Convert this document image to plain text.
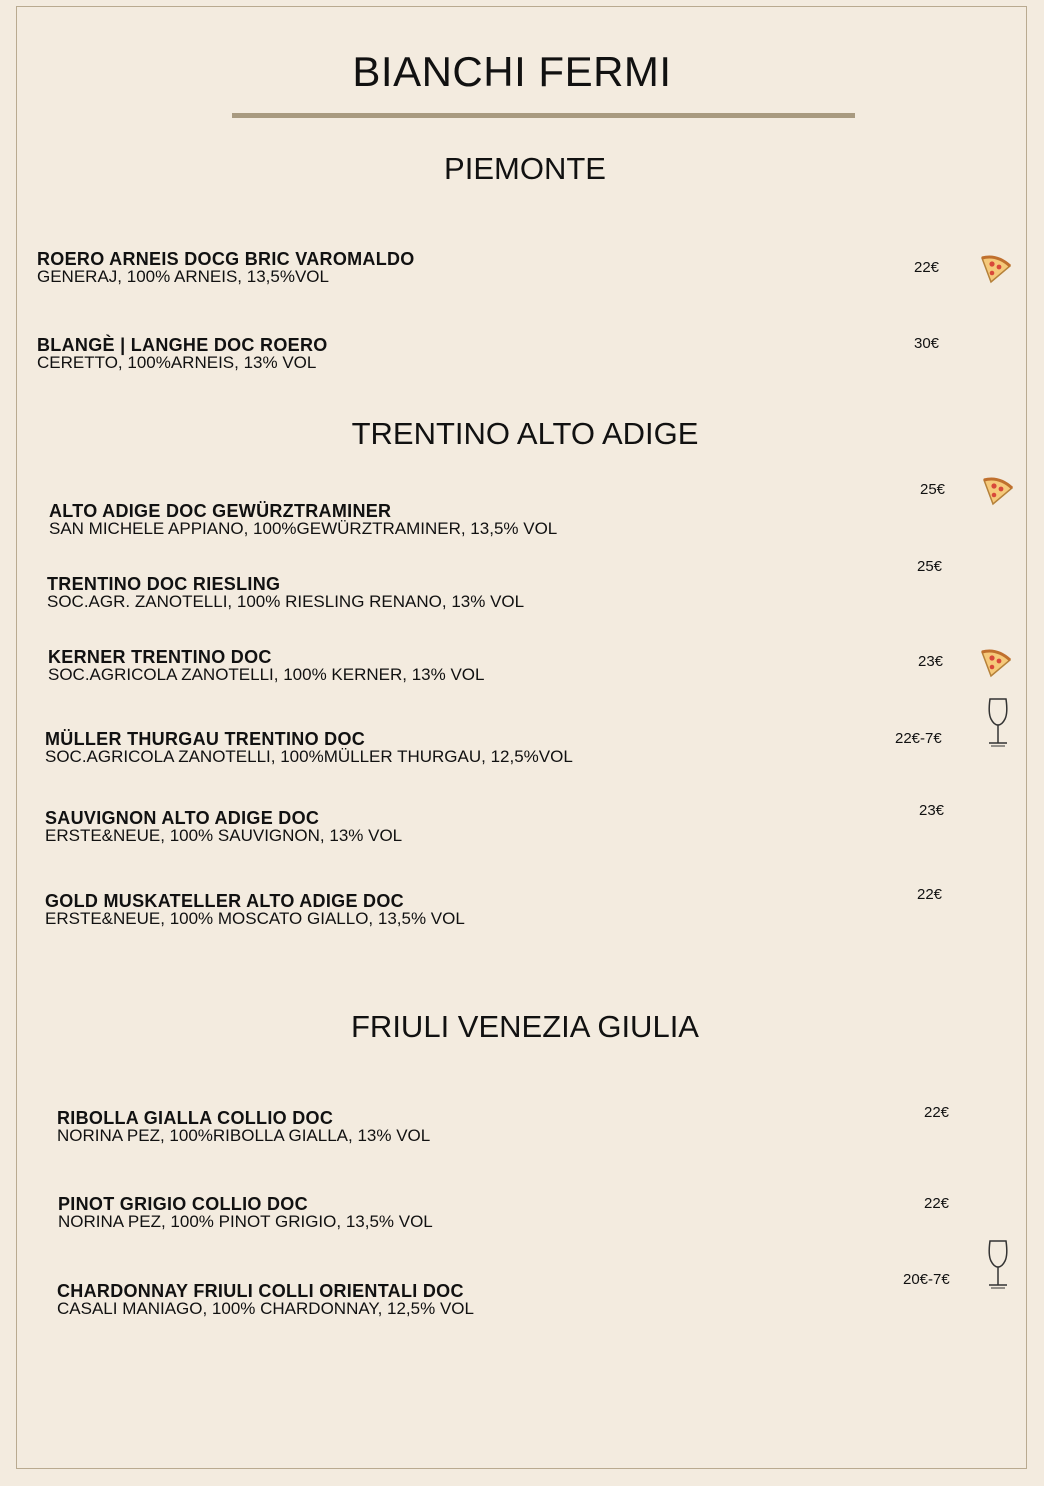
BIANCHI FERMI
PIEMONTE
ROERO ARNEIS DOCG BRIC VAROMALDO
GENERAJ, 100% ARNEIS, 13,5%VOL	22€
BLANGÈ | LANGHE DOC ROERO
CERETTO, 100%ARNEIS, 13% VOL
30€
TRENTINO ALTO ADIGE
ALTO ADIGE DOC GEWÜRZTRAMINER
SAN MICHELE APPIANO, 100%GEWÜRZTRAMINER, 13,5% VOL
25€
TRENTINO DOC RIESLING
SOC.AGR. ZANOTELLI, 100% RIESLING RENANO, 13% VOL
25€
KERNER TRENTINO DOC
SOC.AGRICOLA ZANOTELLI, 100% KERNER, 13% VOL
23€
MÜLLER THURGAU TRENTINO DOC
SOC.AGRICOLA ZANOTELLI, 100%MÜLLER THURGAU, 12,5%VOL
22€-7€
SAUVIGNON ALTO ADIGE DOC
ERSTE&NEUE, 100% SAUVIGNON, 13% VOL
23€
GOLD MUSKATELLER ALTO ADIGE DOC
ERSTE&NEUE, 100% MOSCATO GIALLO, 13,5% VOL
22€
FRIULI VENEZIA GIULIA
RIBOLLA GIALLA COLLIO DOC
NORINA PEZ, 100%RIBOLLA GIALLA, 13% VOL
22€
PINOT GRIGIO COLLIO DOC
NORINA PEZ, 100% PINOT GRIGIO, 13,5% VOL
22€
CHARDONNAY FRIULI COLLI ORIENTALI DOC
CASALI MANIAGO, 100% CHARDONNAY, 12,5% VOL
20€-7€
